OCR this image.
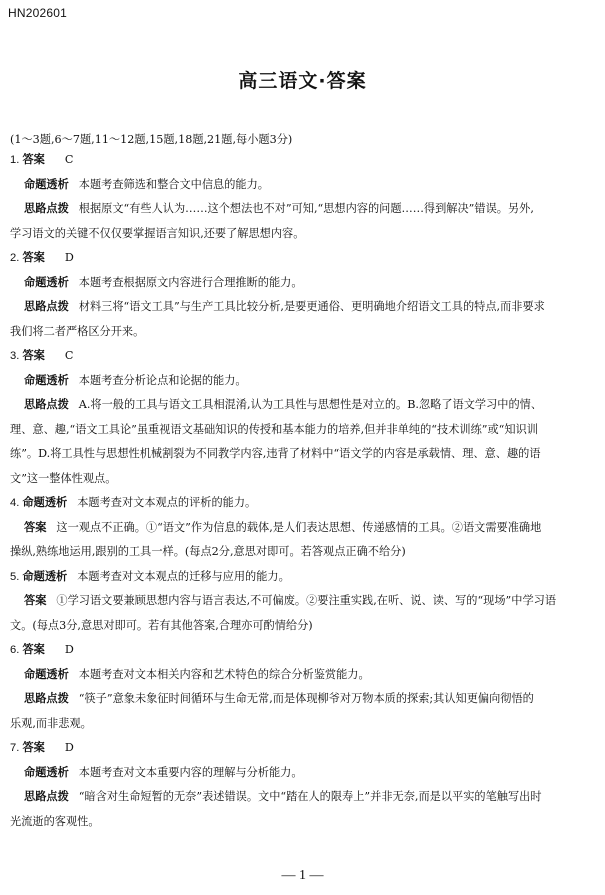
HN202601
高三语文·答案
(1～3题,6～7题,11～12题,15题,18题,21题,每小题3分)
1. 答案 C
命题透析 本题考查筛选和整合文中信息的能力。
思路点拨 根据原文“有些人认为……这个想法也不对”可知,“思想内容的问题……得到解决”错误。另外,
学习语文的关键不仅仅要掌握语言知识,还要了解思想内容。
2. 答案 D
命题透析 本题考查根据原文内容进行合理推断的能力。
思路点拨 材料三将“语文工具”与生产工具比较分析,是要更通俗、更明确地介绍语文工具的特点,而非要求
我们将二者严格区分开来。
3. 答案 C
命题透析 本题考查分析论点和论据的能力。
思路点拨 A.将一般的工具与语文工具相混淆,认为工具性与思想性是对立的。B.忽略了语文学习中的情、
理、意、趣,“语文工具论”虽重视语文基础知识的传授和基本能力的培养,但并非单纯的“技术训练”或“知识训
练”。D.将工具性与思想性机械割裂为不同教学内容,违背了材料中“语文学的内容是承载情、理、意、趣的语
文”这一整体性观点。
4. 命题透析 本题考查对文本观点的评析的能力。
答案 这一观点不正确。①“语文”作为信息的载体,是人们表达思想、传递感情的工具。②语文需要准确地
操纵,熟练地运用,跟别的工具一样。(每点2分,意思对即可。若答观点正确不给分)
5. 命题透析 本题考查对文本观点的迁移与应用的能力。
答案 ①学习语文要兼顾思想内容与语言表达,不可偏废。②要注重实践,在听、说、读、写的“现场”中学习语
文。(每点3分,意思对即可。若有其他答案,合理亦可酌情给分)
6. 答案 D
命题透析 本题考查对文本相关内容和艺术特色的综合分析鉴赏能力。
思路点拨 “筷子”意象未象征时间循环与生命无常,而是体现柳爷对万物本质的探索;其认知更偏向彻悟的
乐观,而非悲观。
7. 答案 D
命题透析 本题考查对文本重要内容的理解与分析能力。
思路点拨 “暗含对生命短暂的无奈”表述错误。文中“踏在人的限寿上”并非无奈,而是以平实的笔触写出时
光流逝的客观性。
— 1 —
